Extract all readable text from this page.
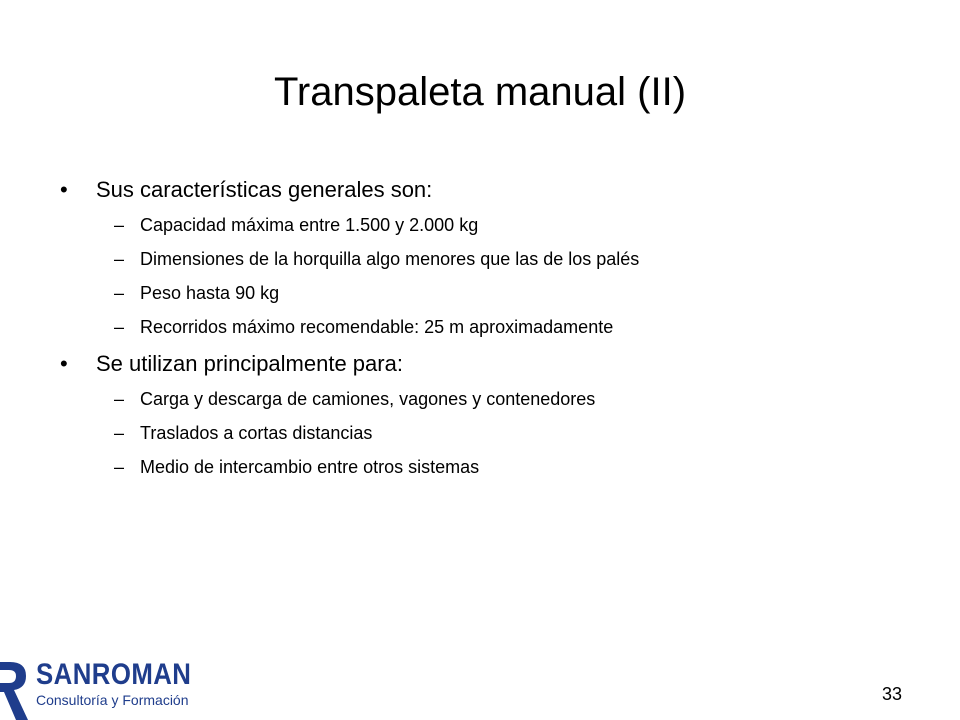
Transpaleta manual (II)
•	Sus características generales son:
– Capacidad máxima entre 1.500 y 2.000 kg
– Dimensiones de la horquilla algo menores que las de los palés
– Peso hasta 90 kg
– Recorridos máximo recomendable: 25 m aproximadamente
•	Se utilizan principalmente para:
– Carga y descarga de camiones, vagones y contenedores
– Traslados a cortas distancias
– Medio de intercambio entre otros sistemas
SANROMAN
Consultoría y Formación	33
